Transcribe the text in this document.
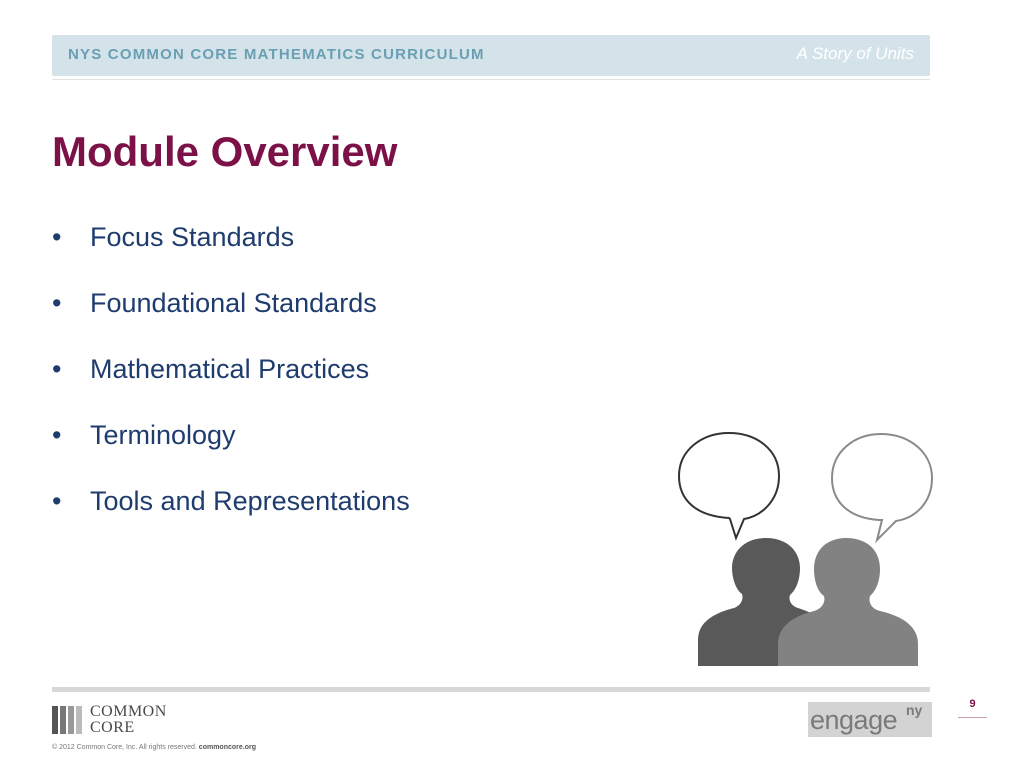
NYS COMMON CORE MATHEMATICS CURRICULUM	A Story of Units
Module Overview
•	Focus Standards
•	Foundational Standards
•	Mathematical Practices
•	Terminology
•	Tools and Representations
COMMON
CORE
© 2012 Common Core, Inc. All rights reserved. commoncore.org
engage ny	9
